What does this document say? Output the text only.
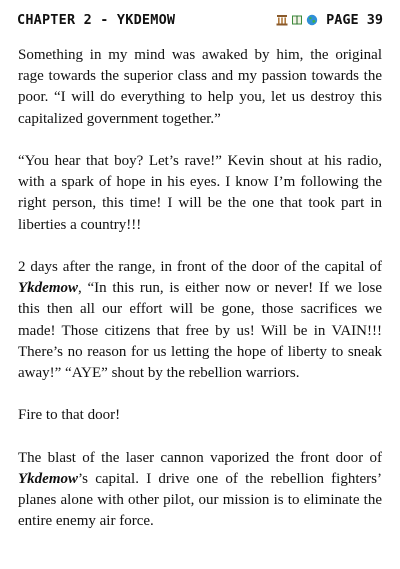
CHAPTER 2 - YKDEMOW	PAGE 39

Something in my mind was awaked by him, the original rage towards the superior class and my passion towards the poor. “I will do everything to help you, let us destroy this capitalized government together.”

“You hear that boy? Let’s rave!” Kevin shout at his radio, with a spark of hope in his eyes. I know I’m following the right person, this time! I will be the one that took part in liberties a country!!!

2 days after the range, in front of the door of the capital of Ykdemow, “In this run, is either now or never! If we lose this then all our effort will be gone, those sacrifices we made! Those citizens that free by us! Will be in VAIN!!! There’s no reason for us letting the hope of liberty to sneak away!” “AYE” shout by the rebellion warriors.

Fire to that door!

The blast of the laser cannon vaporized the front door of Ykdemow’s capital. I drive one of the rebellion fighters’ planes alone with other pilot, our mission is to eliminate the entire enemy air force.
